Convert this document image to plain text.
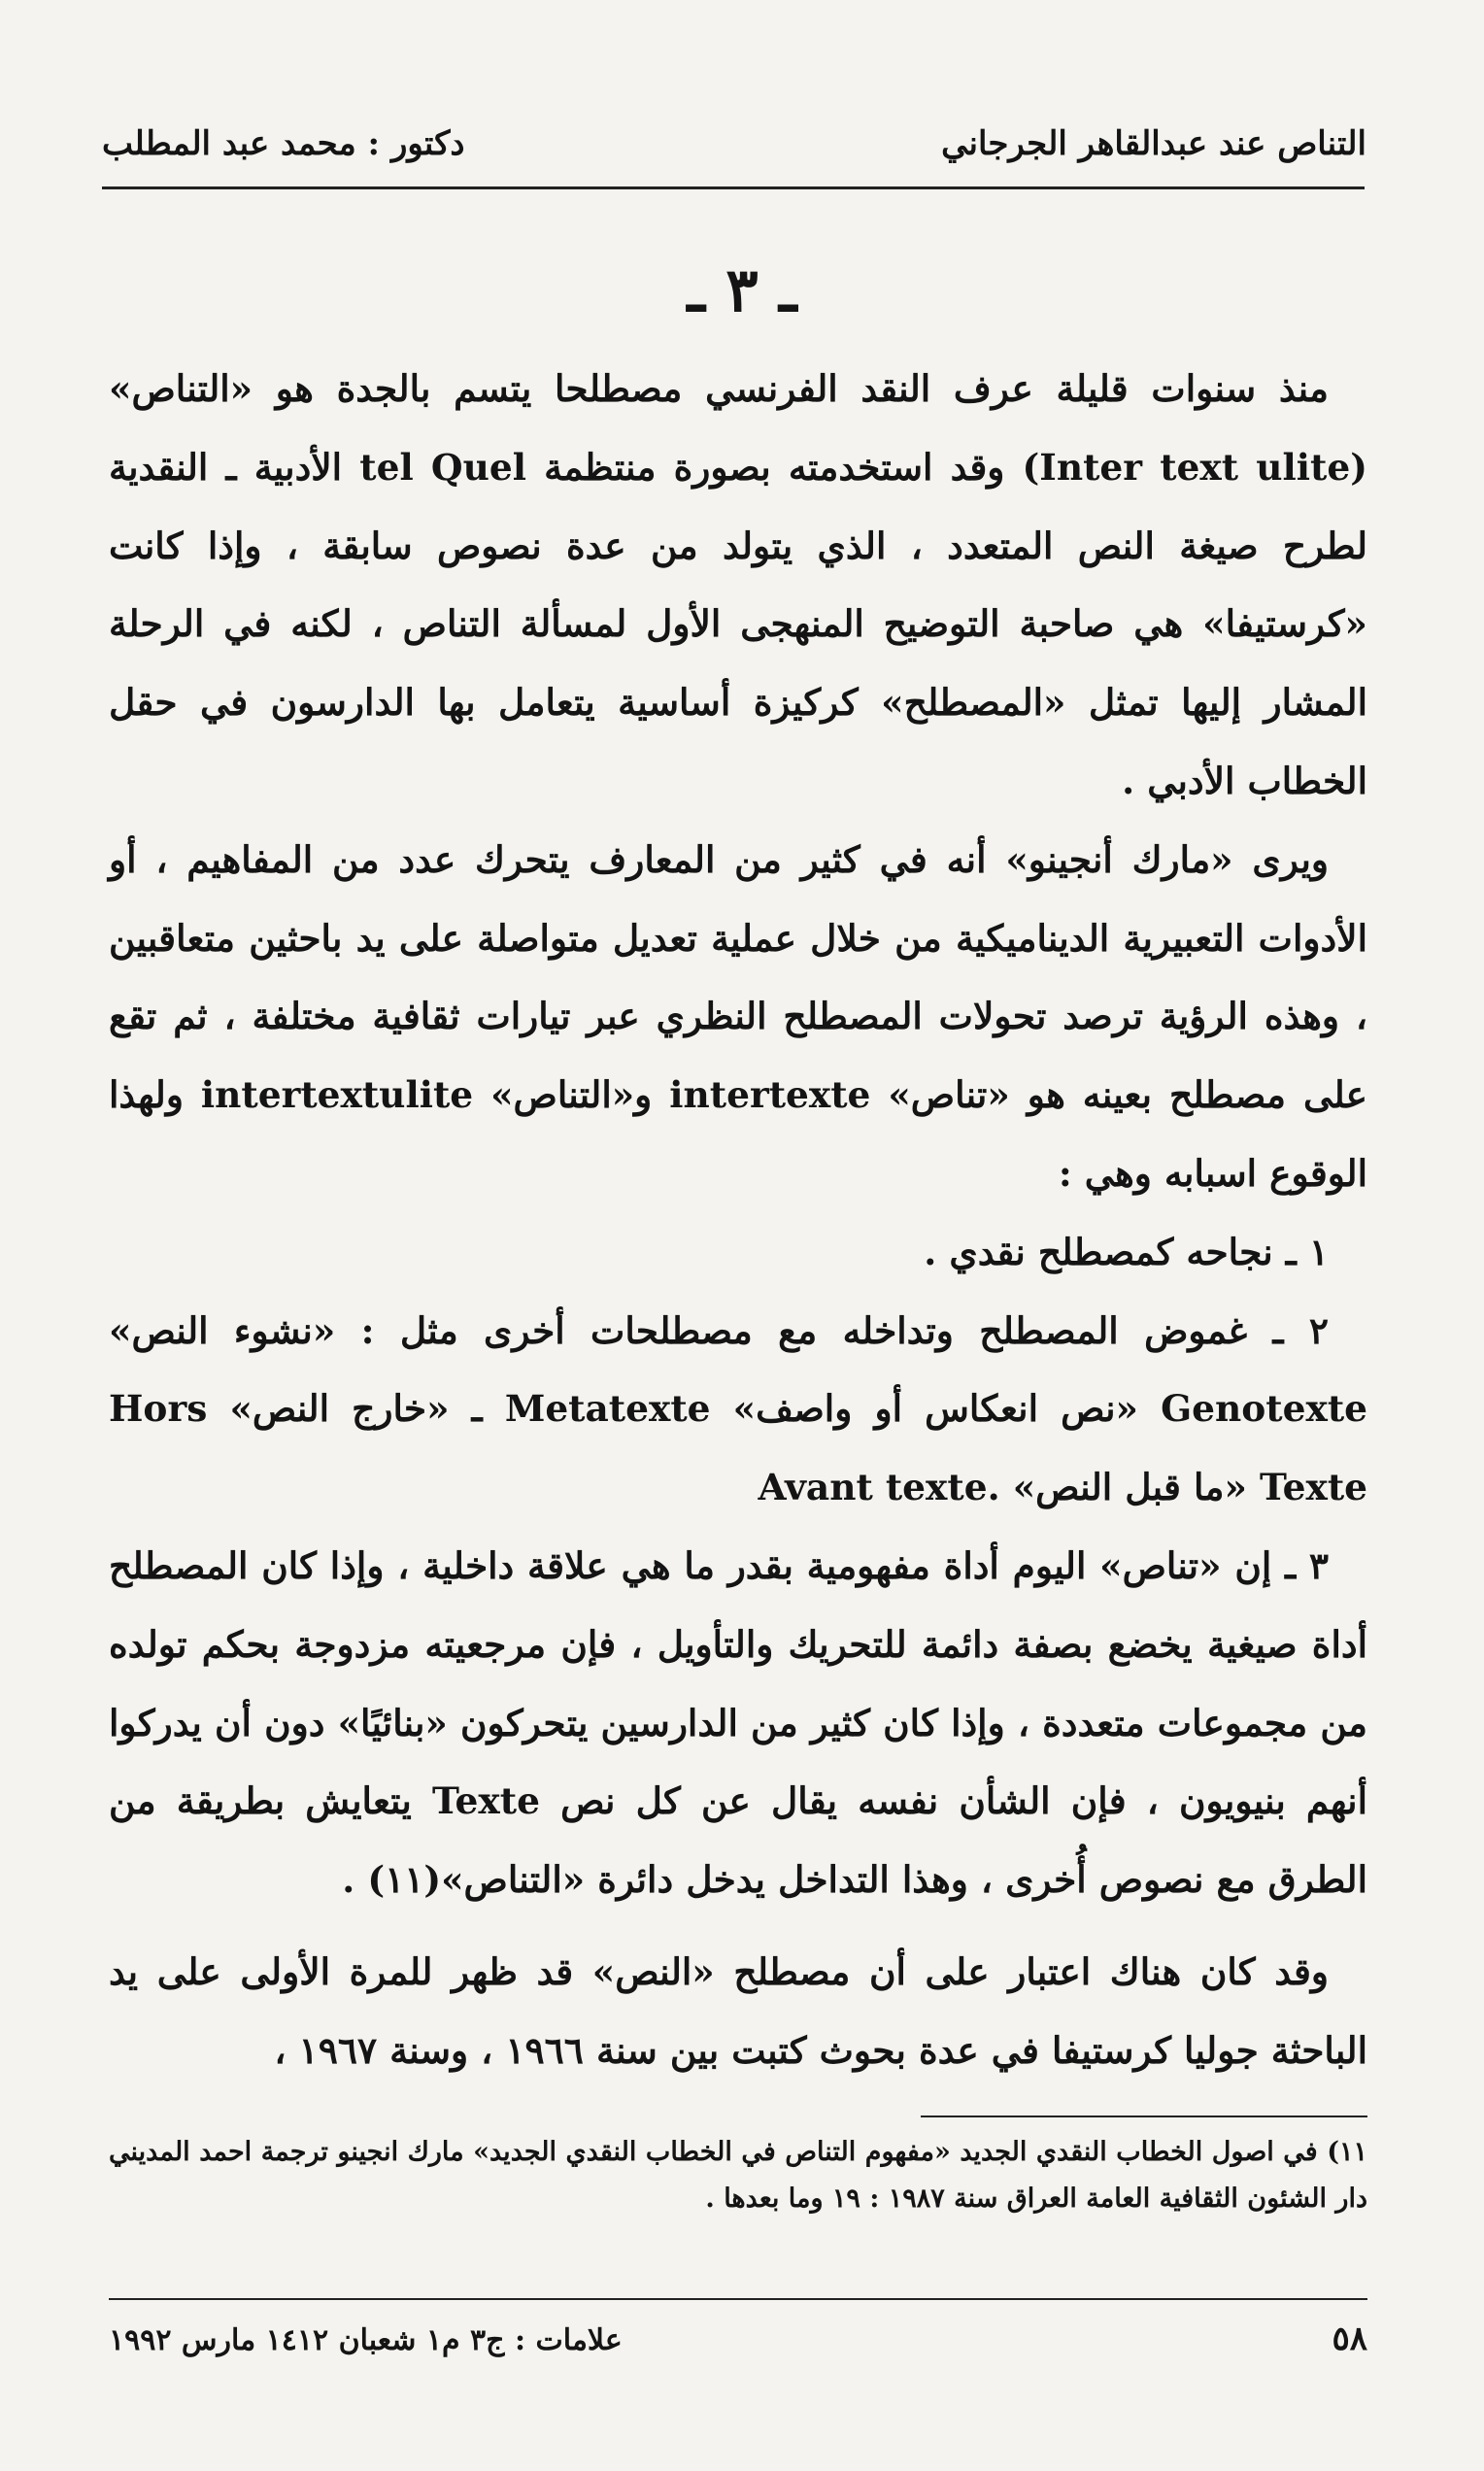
التناص عند عبدالقاهر الجرجاني
دكتور : محمد عبد المطلب
ـ ٣ ـ

منذ سنوات قليلة عرف النقد الفرنسي مصطلحا يتسم بالجدة هو «التناص» (Inter text ulite) وقد استخدمته بصورة منتظمة tel Quel الأدبية ـ النقدية لطرح صيغة النص المتعدد ، الذي يتولد من عدة نصوص سابقة ، وإذا كانت «كرستيفا» هي صاحبة التوضيح المنهجى الأول لمسألة التناص ، لكنه في الرحلة المشار إليها تمثل «المصطلح» كركيزة أساسية يتعامل بها الدارسون في حقل الخطاب الأدبي .

ويرى «مارك أنجينو» أنه في كثير من المعارف يتحرك عدد من المفاهيم ، أو الأدوات التعبيرية الديناميكية من خلال عملية تعديل متواصلة على يد باحثين متعاقبين ، وهذه الرؤية ترصد تحولات المصطلح النظري عبر تيارات ثقافية مختلفة ، ثم تقع على مصطلح بعينه هو «تناص» intertexte و«التناص» intertextulite ولهذا الوقوع اسبابه وهي :

١ ـ نجاحه كمصطلح نقدي .

٢ ـ غموض المصطلح وتداخله مع مصطلحات أخرى مثل : «نشوء النص» Genotexte «نص انعكاس أو واصف» Metatexte ـ «خارج النص» Hors Texte «ما قبل النص» .Avant texte

٣ ـ إن «تناص» اليوم أداة مفهومية بقدر ما هي علاقة داخلية ، وإذا كان المصطلح أداة صيغية يخضع بصفة دائمة للتحريك والتأويل ، فإن مرجعيته مزدوجة بحكم تولده من مجموعات متعددة ، وإذا كان كثير من الدارسين يتحركون «بنائيًا» دون أن يدركوا أنهم بنيويون ، فإن الشأن نفسه يقال عن كل نص Texte يتعايش بطريقة من الطرق مع نصوص أُخرى ، وهذا التداخل يدخل دائرة «التناص»(١١) .

وقد كان هناك اعتبار على أن مصطلح «النص» قد ظهر للمرة الأولى على يد الباحثة جوليا كرستيفا في عدة بحوث كتبت بين سنة ١٩٦٦ ، وسنة ١٩٦٧ ،

١١) في اصول الخطاب النقدي الجديد «مفهوم التناص في الخطاب النقدي الجديد» مارك انجينو ترجمة احمد المديني دار الشئون الثقافية العامة العراق سنة ١٩٨٧ : ١٩ وما بعدها .

٥٨
علامات : ج٣ م١ شعبان ١٤١٢ مارس ١٩٩٢
